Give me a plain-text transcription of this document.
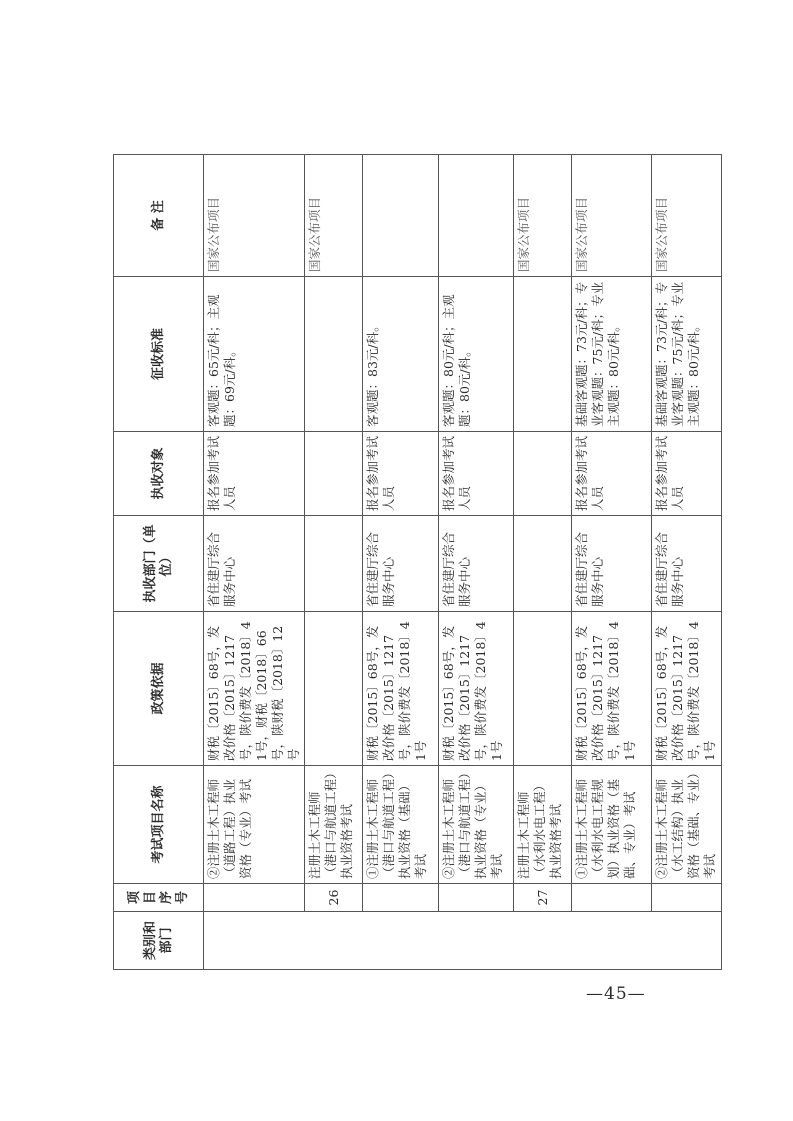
类别和部门	项目序号	考试项目名称	政策依据	执收部门（单位）	执收对象	征收标准	备 注
		②注册土木工程师（道路工程）执业资格（专业）考试	财税〔2015〕68号，发改价格〔2015〕1217号，陕价费发〔2018〕41号，财税〔2018〕66号，陕财税〔2018〕12号	省住建厅综合服务中心	报名参加考试人员	客观题：65元/科；主观题：69元/科。	国家公布项目
	26	注册土木工程师（港口与航道工程）执业资格考试					国家公布项目
		①注册土木工程师（港口与航道工程）执业资格（基础）考试	财税〔2015〕68号，发改价格〔2015〕1217号，陕价费发〔2018〕41号	省住建厅综合服务中心	报名参加考试人员	客观题：83元/科。	
		②注册土木工程师（港口与航道工程）执业资格（专业）考试	财税〔2015〕68号，发改价格〔2015〕1217号，陕价费发〔2018〕41号	省住建厅综合服务中心	报名参加考试人员	客观题：80元/科；主观题：80元/科。	
	27	注册土木工程师（水利水电工程）执业资格考试					国家公布项目
		①注册土木工程师（水利水电工程规划）执业资格（基础、专业）考试	财税〔2015〕68号，发改价格〔2015〕1217号，陕价费发〔2018〕41号	省住建厅综合服务中心	报名参加考试人员	基础客观题：73元/科；专业客观题：75元/科；专业主观题：80元/科。	国家公布项目
		②注册土木工程师（水工结构）执业资格（基础、专业）考试	财税〔2015〕68号，发改价格〔2015〕1217号，陕价费发〔2018〕41号	省住建厅综合服务中心	报名参加考试人员	基础客观题：73元/科；专业客观题：75元/科；专业主观题：80元/科。	国家公布项目
—45—
